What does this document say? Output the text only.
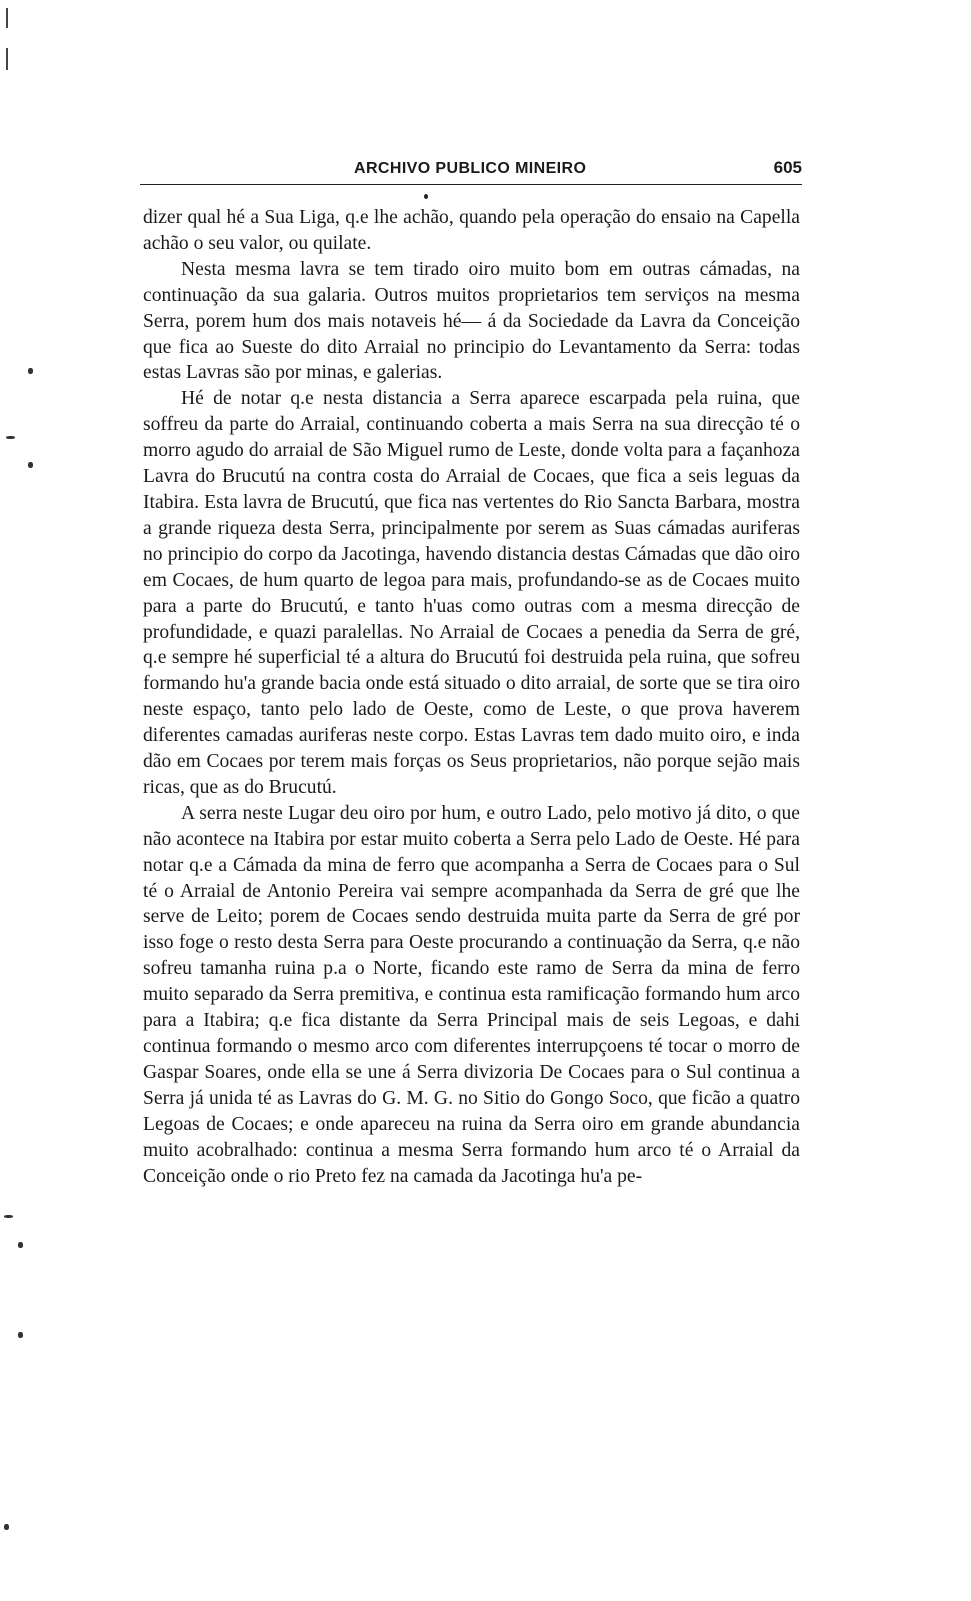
ARCHIVO PUBLICO MINEIRO	605

dizer qual hé a Sua Liga, q.e lhe achão, quando pela operação do ensaio na Capella achão o seu valor, ou quilate.

Nesta mesma lavra se tem tirado oiro muito bom em outras cámadas, na continuação da sua galaria. Outros muitos proprietarios tem serviços na mesma Serra, porem hum dos mais notaveis hé— á da Sociedade da Lavra da Conceição que fica ao Sueste do dito Arraial no principio do Levantamento da Serra: todas estas Lavras são por minas, e galerias.

Hé de notar q.e nesta distancia a Serra aparece escarpada pela ruina, que soffreu da parte do Arraial, continuando coberta a mais Serra na sua direcção té o morro agudo do arraial de São Miguel rumo de Leste, donde volta para a façanhoza Lavra do Brucutú na contra costa do Arraial de Cocaes, que fica a seis leguas da Itabira. Esta lavra de Brucutú, que fica nas vertentes do Rio Sancta Barbara, mostra a grande riqueza desta Serra, principalmente por serem as Suas cámadas auriferas no principio do corpo da Jacotinga, havendo distancia destas Cámadas que dão oiro em Cocaes, de hum quarto de legoa para mais, profundando-se as de Cocaes muito para a parte do Brucutú, e tanto h'uas como outras com a mesma direcção de profundidade, e quazi paralellas. No Arraial de Cocaes a penedia da Serra de gré, q.e sempre hé superficial té a altura do Brucutú foi destruida pela ruina, que sofreu formando hu'a grande bacia onde está situado o dito arraial, de sorte que se tira oiro neste espaço, tanto pelo lado de Oeste, como de Leste, o que prova haverem diferentes camadas auriferas neste corpo. Estas Lavras tem dado muito oiro, e inda dão em Cocaes por terem mais forças os Seus proprietarios, não porque sejão mais ricas, que as do Brucutú.

A serra neste Lugar deu oiro por hum, e outro Lado, pelo motivo já dito, o que não acontece na Itabira por estar muito coberta a Serra pelo Lado de Oeste. Hé para notar q.e a Cámada da mina de ferro que acompanha a Serra de Cocaes para o Sul té o Arraial de Antonio Pereira vai sempre acompanhada da Serra de gré que lhe serve de Leito; porem de Cocaes sendo destruida muita parte da Serra de gré por isso foge o resto desta Serra para Oeste procurando a continuação da Serra, q.e não sofreu tamanha ruina p.a o Norte, ficando este ramo de Serra da mina de ferro muito separado da Serra premitiva, e continua esta ramificação formando hum arco para a Itabira; q.e fica distante da Serra Principal mais de seis Legoas, e dahi continua formando o mesmo arco com diferentes interrupçoens té tocar o morro de Gaspar Soares, onde ella se une á Serra divizoria De Cocaes para o Sul continua a Serra já unida té as Lavras do G. M. G. no Sitio do Gongo Soco, que ficão a quatro Legoas de Cocaes; e onde apareceu na ruina da Serra oiro em grande abundancia muito acobralhado: continua a mesma Serra formando hum arco té o Arraial da Conceição onde o rio Preto fez na camada da Jacotinga hu'a pe-
